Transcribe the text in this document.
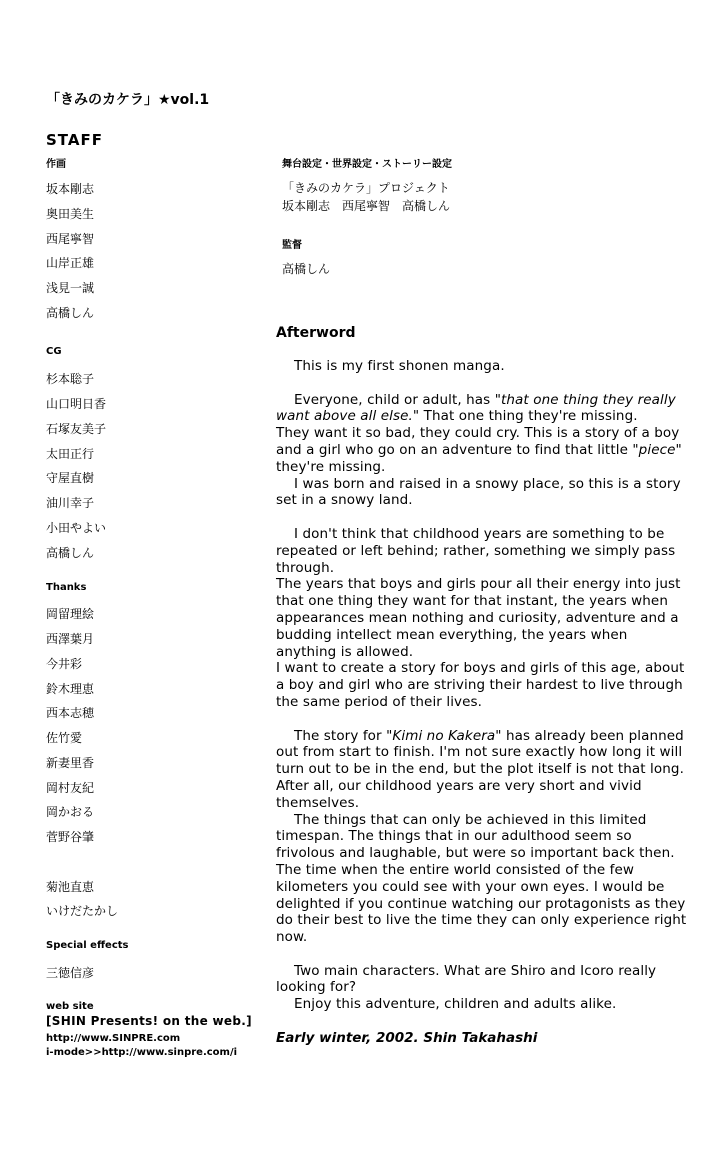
「きみのカケラ」★vol.1
STAFF
作画
坂本剛志
奥田美生
西尾寧智
山岸正雄
浅見一誠
高橋しん
CG
杉本聡子
山口明日香
石塚友美子
太田正行
守屋直樹
油川幸子
小田やよい
高橋しん
Thanks
岡留理絵
西澤葉月
今井彩
鈴木理恵
西本志穂
佐竹愛
新妻里香
岡村友紀
岡かおる
菅野谷肇
菊池直恵
いけだたかし
Special effects
三徳信彦
web site
[SHIN Presents! on the web.]
http://www.SINPRE.com
i-mode>>http://www.sinpre.com/i
舞台設定・世界設定・ストーリー設定
「きみのカケラ」プロジェクト
坂本剛志　西尾寧智　高橋しん
監督
高橋しん
Afterword

This is my first shonen manga.

Everyone, child or adult, has "that one thing they really want above all else." That one thing they're missing.

They want it so bad, they could cry. This is a story of a boy and a girl who go on an adventure to find that little "piece" they're missing.

I was born and raised in a snowy place, so this is a story set in a snowy land.

I don't think that childhood years are something to be repeated or left behind; rather, something we simply pass through.

The years that boys and girls pour all their energy into just that one thing they want for that instant, the years when appearances mean nothing and curiosity, adventure and a budding intellect mean everything, the years when anything is allowed.

I want to create a story for boys and girls of this age, about a boy and girl who are striving their hardest to live through the same period of their lives.

The story for "Kimi no Kakera" has already been planned out from start to finish. I'm not sure exactly how long it will turn out to be in the end, but the plot itself is not that long.

After all, our childhood years are very short and vivid themselves.

The things that can only be achieved in this limited timespan. The things that in our adulthood seem so frivolous and laughable, but were so important back then.

The time when the entire world consisted of the few kilometers you could see with your own eyes. I would be delighted if you continue watching our protagonists as they do their best to live the time they can only experience right now.

Two main characters. What are Shiro and Icoro really looking for?

Enjoy this adventure, children and adults alike.

Early winter, 2002. Shin Takahashi
